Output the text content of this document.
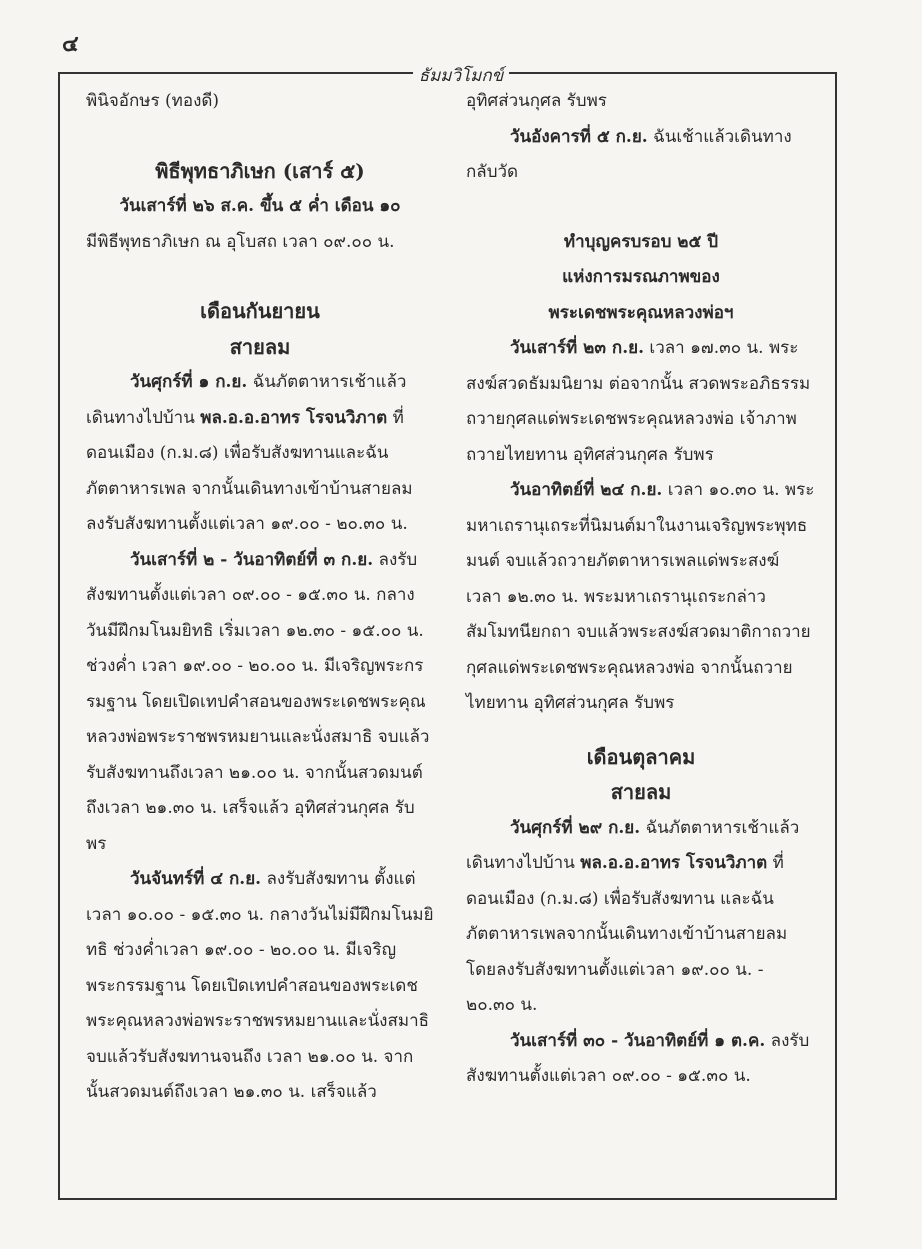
๔
ธัมมวิโมกข์

พินิจอักษร (ทองดี)

พิธีพุทธาภิเษก (เสาร์ ๕)

วันเสาร์ที่ ๒๖ ส.ค. ขึ้น ๕ ค่ำ เดือน ๑๐

มีพิธีพุทธาภิเษก ณ อุโบสถ เวลา ๐๙.๐๐ น.

เดือนกันยายน

สายลม

วันศุกร์ที่ ๑ ก.ย. ฉันภัตตาหารเช้าแล้วเดินทางไปบ้าน พล.อ.อ.อาทร โรจนวิภาต ที่ดอนเมือง (ก.ม.๘) เพื่อรับสังฆทานและฉันภัตตาหารเพล จากนั้นเดินทางเข้าบ้านสายลม ลงรับสังฆทานตั้งแต่เวลา ๑๙.๐๐ - ๒๐.๓๐ น.

วันเสาร์ที่ ๒ - วันอาทิตย์ที่ ๓ ก.ย. ลงรับสังฆทานตั้งแต่เวลา ๐๙.๐๐ - ๑๕.๓๐ น. กลางวันมีฝึกมโนมยิทธิ เริ่มเวลา ๑๒.๓๐ - ๑๕.๐๐ น. ช่วงค่ำ เวลา ๑๙.๐๐ - ๒๐.๐๐ น. มีเจริญพระกรรมฐาน โดยเปิดเทปคำสอนของพระเดชพระคุณหลวงพ่อพระราชพรหมยานและนั่งสมาธิ จบแล้วรับสังฆทานถึงเวลา ๒๑.๐๐ น. จากนั้นสวดมนต์ถึงเวลา ๒๑.๓๐ น. เสร็จแล้ว อุทิศส่วนกุศล รับพร

วันจันทร์ที่ ๔ ก.ย. ลงรับสังฆทาน ตั้งแต่เวลา ๑๐.๐๐ - ๑๕.๓๐ น. กลางวันไม่มีฝึกมโนมยิทธิ ช่วงค่ำเวลา ๑๙.๐๐ - ๒๐.๐๐ น. มีเจริญพระกรรมฐาน โดยเปิดเทปคำสอนของพระเดชพระคุณหลวงพ่อพระราชพรหมยานและนั่งสมาธิ จบแล้วรับสังฆทานจนถึง เวลา ๒๑.๐๐ น. จากนั้นสวดมนต์ถึงเวลา ๒๑.๓๐ น. เสร็จแล้ว

อุทิศส่วนกุศล รับพร

วันอังคารที่ ๕ ก.ย. ฉันเช้าแล้วเดินทางกลับวัด

ทำบุญครบรอบ ๒๕ ปี

แห่งการมรณภาพของ

พระเดชพระคุณหลวงพ่อฯ

วันเสาร์ที่ ๒๓ ก.ย. เวลา ๑๗.๓๐ น. พระสงฆ์สวดธัมมนิยาม ต่อจากนั้น สวดพระอภิธรรมถวายกุศลแด่พระเดชพระคุณหลวงพ่อ เจ้าภาพถวายไทยทาน อุทิศส่วนกุศล รับพร

วันอาทิตย์ที่ ๒๔ ก.ย. เวลา ๑๐.๓๐ น. พระมหาเถรานุเถระที่นิมนต์มาในงานเจริญพระพุทธมนต์ จบแล้วถวายภัตตาหารเพลแด่พระสงฆ์ เวลา ๑๒.๓๐ น. พระมหาเถรานุเถระกล่าวสัมโมทนียกถา จบแล้วพระสงฆ์สวดมาติกาถวายกุศลแด่พระเดชพระคุณหลวงพ่อ จากนั้นถวายไทยทาน อุทิศส่วนกุศล รับพร

เดือนตุลาคม

สายลม

วันศุกร์ที่ ๒๙ ก.ย. ฉันภัตตาหารเช้าแล้วเดินทางไปบ้าน พล.อ.อ.อาทร โรจนวิภาต ที่ดอนเมือง (ก.ม.๘) เพื่อรับสังฆทาน และฉันภัตตาหารเพลจากนั้นเดินทางเข้าบ้านสายลม โดยลงรับสังฆทานตั้งแต่เวลา ๑๙.๐๐ น. - ๒๐.๓๐ น.

วันเสาร์ที่ ๓๐ - วันอาทิตย์ที่ ๑ ต.ค. ลงรับสังฆทานตั้งแต่เวลา ๐๙.๐๐ - ๑๕.๓๐ น.
